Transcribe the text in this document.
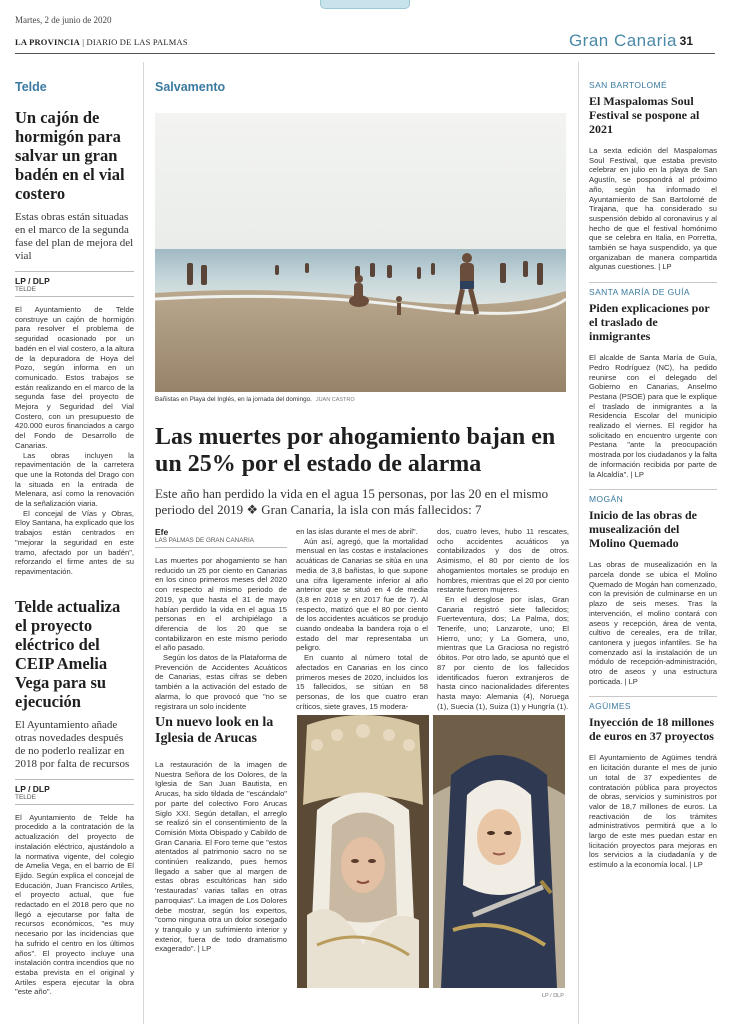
Martes, 2 de junio de 2020
LA PROVINCIA | DIARIO DE LAS PALMAS	Gran Canaria 31
Telde
Un cajón de hormigón para salvar un gran badén en el vial costero
Estas obras están situadas en el marco de la segunda fase del plan de mejora del vial
LP / DLP
TELDE

El Ayuntamiento de Telde construye un cajón de hormigón para resolver el problema de seguridad ocasionado por un badén en el vial costero, a la altura de la depuradora de Hoya del Pozo, según informa en un comunicado. Estos trabajos se están realizando en el marco de la segunda fase del proyecto de Mejora y Seguridad del Vial Costero, con un presupuesto de 420.000 euros financiados a cargo del Fondo de Desarrollo de Canarias.

Las obras incluyen la repavimentación de la carretera que une la Rotonda del Drago con la situada en la entrada de Melenara, así como la renovación de la señalización viaria.

El concejal de Vías y Obras, Eloy Santana, ha explicado que los trabajos están centrados en "mejorar la seguridad en este tramo, afectado por un badén", reforzando el firme antes de su repavimentación.

Telde actualiza el proyecto eléctrico del CEIP Amelia Vega para su ejecución
El Ayuntamiento añade otras novedades después de no poderlo realizar en 2018 por falta de recursos
LP / DLP
TELDE

El Ayuntamiento de Telde ha procedido a la contratación de la actualización del proyecto de instalación eléctrico, ajustándolo a la normativa vigente, del colegio de Amelia Vega, en el barrio de El Ejido. Según explica el concejal de Educación, Juan Francisco Artiles, el proyecto actual, que fue redactado en el 2018 pero que no llegó a ejecutarse por falta de recursos económicos, "es muy necesario por las incidencias que ha sufrido el centro en los últimos años". El proyecto incluye una instalación contra incendios que no estaba prevista en el original y Artiles espera ejecutar la obra "este año".

Salvamento
Bañistas en Playa del Inglés, en la jornada del domingo. JUAN CASTRO
Las muertes por ahogamiento bajan en un 25% por el estado de alarma
Este año han perdido la vida en el agua 15 personas, por las 20 en el mismo periodo del 2019 ❖ Gran Canaria, la isla con más fallecidos: 7
Efe
LAS PALMAS DE GRAN CANARIA

Las muertes por ahogamiento se han reducido un 25 por ciento en Canarias en los cinco primeros meses del 2020 con respecto al mismo periodo de 2019, ya que hasta el 31 de mayo habían perdido la vida en el agua 15 personas en el archipiélago a diferencia de los 20 que se contabilizaron en este mismo periodo el año pasado.

Según los datos de la Plataforma de Prevención de Accidentes Acuáticos de Canarias, estas cifras se deben también a la activación del estado de alarma, lo que provocó que "no se registrara un solo incidente

en las islas durante el mes de abril".

Aún así, agregó, que la mortalidad mensual en las costas e instalaciones acuáticas de Canarias se sitúa en una media de 3,8 bañistas, lo que supone una cifra ligeramente inferior al año anterior que se situó en 4 de media (3,8 en 2018 y en 2017 fue de 7). Al respecto, matizó que el 80 por ciento de los accidentes acuáticos se produjo cuando ondeaba la bandera roja o el estado del mar representaba un peligro.

En cuanto al número total de afectados en Canarias en los cinco primeros meses de 2020, incluidos los 15 fallecidos, se sitúan en 58 personas, de los que cuatro eran críticos, siete graves, 15 modera-

dos, cuatro leves, hubo 11 rescates, ocho accidentes acuáticos ya contabilizados y dos de otros. Asimismo, el 80 por ciento de los ahogamientos mortales se produjo en hombres, mientras que el 20 por ciento restante fueron mujeres.

En el desglose por islas, Gran Canaria registró siete fallecidos; Fuerteventura, dos; La Palma, dos; Tenerife, uno; Lanzarote, uno; El Hierro, uno; y La Gomera, uno, mientras que La Graciosa no registró óbitos. Por otro lado, se apuntó que el 87 por ciento de los fallecidos identificados fueron extranjeros de hasta cinco nacionalidades diferentes hasta mayo: Alemania (4), Noruega (1), Suecia (1), Suiza (1) y Hungría (1).

Un nuevo look en la Iglesia de Arucas

La restauración de la imagen de Nuestra Señora de los Dolores, de la Iglesia de San Juan Bautista, en Arucas, ha sido tildada de "escándalo" por parte del colectivo Foro Arucas Siglo XXI. Según detallan, el arreglo se realizó sin el consentimiento de la Comisión Mixta Obispado y Cabildo de Gran Canaria. El Foro teme que "estos atentados al patrimonio sacro no se continúen realizando, pues hemos llegado a saber que al margen de estas obras escultóricas han sido 'restauradas' varias tallas en otras parroquias". La imagen de Los Dolores debe mostrar, según los expertos, "como ninguna otra un dolor sosegado y tranquilo y un sufrimiento interior y exterior, fuera de todo dramatismo exagerado". | LP

LP / DLP
SAN BARTOLOMÉ
El Maspalomas Soul Festival se pospone al 2021
La sexta edición del Maspalomas Soul Festival, que estaba previsto celebrar en julio en la playa de San Agustín, se pospondrá al próximo año, según ha informado el Ayuntamiento de San Bartolomé de Tirajana, que ha considerado su suspensión debido al coronavirus y al hecho de que el festival homónimo que se celebra en Italia, en Porretta, también se haya suspendido, ya que organizaban de manera compartida algunas cuestiones. | LP
SANTA MARÍA DE GUÍA
Piden explicaciones por el traslado de inmigrantes
El alcalde de Santa María de Guía, Pedro Rodríguez (NC), ha pedido reunirse con el delegado del Gobierno en Canarias, Anselmo Pestana (PSOE) para que le explique el traslado de inmigrantes a la Residencia Escolar del municipio realizado el viernes. El regidor ha solicitado en encuentro urgente con Pestana "ante la preocupación mostrada por los ciudadanos y la falta de información recibida por parte de la Alcaldía". | LP
MOGÁN
Inicio de las obras de musealización del Molino Quemado
Las obras de musealización en la parcela donde se ubica el Molino Quemado de Mogán han comenzado, con la previsión de culminarse en un plazo de seis meses. Tras la intervención, el molino contará con aseos y recepción, área de venta, cultivo de cereales, era de trillar, cantonera y juegos infantiles. Se ha comenzado así la instalación de un módulo de recepción-administración, otro de aseos y una estructura porticada. | LP
AGÜIMES
Inyección de 18 millones de euros en 37 proyectos
El Ayuntamiento de Agüimes tendrá en licitación durante el mes de junio un total de 37 expedientes de contratación pública para proyectos de obras, servicios y suministros por valor de 18,7 millones de euros. La reactivación de los trámites administrativos permitirá que a lo largo de este mes puedan estar en licitación proyectos para mejoras en los servicios a la ciudadanía y de estímulo a la economía local. | LP
